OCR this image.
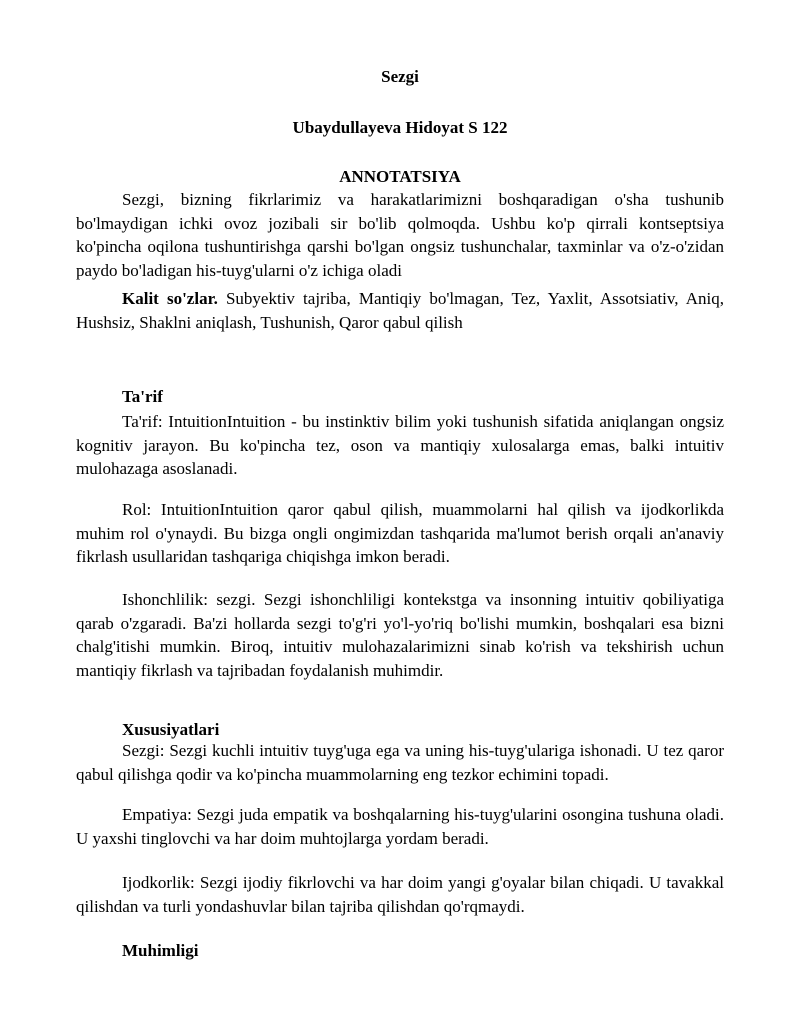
Sezgi
Ubaydullayeva Hidoyat S 122
ANNOTATSIYA
Sezgi, bizning fikrlarimiz va harakatlarimizni boshqaradigan o'sha tushunib bo'lmaydigan ichki ovoz jozibali sir bo'lib qolmoqda. Ushbu ko'p qirrali kontseptsiya ko'pincha oqilona tushuntirishga qarshi bo'lgan ongsiz tushunchalar, taxminlar va o'z-o'zidan paydo bo'ladigan his-tuyg'ularni o'z ichiga oladi
Kalit so'zlar. Subyektiv tajriba, Mantiqiy bo'lmagan, Tez, Yaxlit, Assotsiativ, Aniq, Hushsiz, Shaklni aniqlash, Tushunish, Qaror qabul qilish
Ta'rif
Ta'rif: IntuitionIntuition - bu instinktiv bilim yoki tushunish sifatida aniqlangan ongsiz kognitiv jarayon. Bu ko'pincha tez, oson va mantiqiy xulosalarga emas, balki intuitiv mulohazaga asoslanadi.
Rol: IntuitionIntuition qaror qabul qilish, muammolarni hal qilish va ijodkorlikda muhim rol o'ynaydi. Bu bizga ongli ongimizdan tashqarida ma'lumot berish orqali an'anaviy fikrlash usullaridan tashqariga chiqishga imkon beradi.
Ishonchlilik: sezgi. Sezgi ishonchliligi kontekstga va insonning intuitiv qobiliyatiga qarab o'zgaradi. Ba'zi hollarda sezgi to'g'ri yo'l-yo'riq bo'lishi mumkin, boshqalari esa bizni chalg'itishi mumkin. Biroq, intuitiv mulohazalarimizni sinab ko'rish va tekshirish uchun mantiqiy fikrlash va tajribadan foydalanish muhimdir.
Xususiyatlari
Sezgi: Sezgi kuchli intuitiv tuyg'uga ega va uning his-tuyg'ulariga ishonadi. U tez qaror qabul qilishga qodir va ko'pincha muammolarning eng tezkor echimini topadi.
Empatiya: Sezgi juda empatik va boshqalarning his-tuyg'ularini osongina tushuna oladi. U yaxshi tinglovchi va har doim muhtojlarga yordam beradi.
Ijodkorlik: Sezgi ijodiy fikrlovchi va har doim yangi g'oyalar bilan chiqadi. U tavakkal qilishdan va turli yondashuvlar bilan tajriba qilishdan qo'rqmaydi.
Muhimligi
